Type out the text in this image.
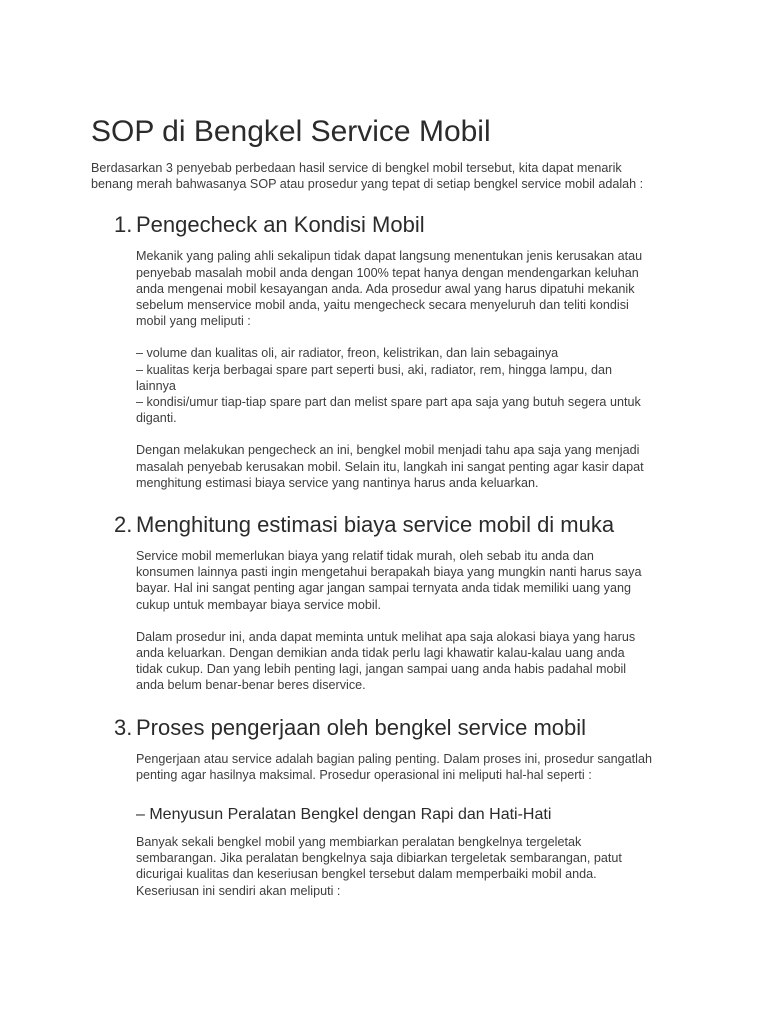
SOP di Bengkel Service Mobil

Berdasarkan 3 penyebab perbedaan hasil service di bengkel mobil tersebut, kita dapat menarik
benang merah bahwasanya SOP atau prosedur yang tepat di setiap bengkel service mobil adalah :

1. Pengecheck an Kondisi Mobil

Mekanik yang paling ahli sekalipun tidak dapat langsung menentukan jenis kerusakan atau
penyebab masalah mobil anda dengan 100% tepat hanya dengan mendengarkan keluhan
anda mengenai mobil kesayangan anda. Ada prosedur awal yang harus dipatuhi mekanik
sebelum menservice mobil anda, yaitu mengecheck secara menyeluruh dan teliti kondisi
mobil yang meliputi :

– volume dan kualitas oli, air radiator, freon, kelistrikan, dan lain sebagainya
– kualitas kerja berbagai spare part seperti busi, aki, radiator, rem, hingga lampu, dan
lainnya
– kondisi/umur tiap-tiap spare part dan melist spare part apa saja yang butuh segera untuk
diganti.

Dengan melakukan pengecheck an ini, bengkel mobil menjadi tahu apa saja yang menjadi
masalah penyebab kerusakan mobil. Selain itu, langkah ini sangat penting agar kasir dapat
menghitung estimasi biaya service yang nantinya harus anda keluarkan.

2. Menghitung estimasi biaya service mobil di muka

Service mobil memerlukan biaya yang relatif tidak murah, oleh sebab itu anda dan
konsumen lainnya pasti ingin mengetahui berapakah biaya yang mungkin nanti harus saya
bayar. Hal ini sangat penting agar jangan sampai ternyata anda tidak memiliki uang yang
cukup untuk membayar biaya service mobil.

Dalam prosedur ini, anda dapat meminta untuk melihat apa saja alokasi biaya yang harus
anda keluarkan. Dengan demikian anda tidak perlu lagi khawatir kalau-kalau uang anda
tidak cukup. Dan yang lebih penting lagi, jangan sampai uang anda habis padahal mobil
anda belum benar-benar beres diservice.

3. Proses pengerjaan oleh bengkel service mobil

Pengerjaan atau service adalah bagian paling penting. Dalam proses ini, prosedur sangatlah
penting agar hasilnya maksimal. Prosedur operasional ini meliputi hal-hal seperti :

– Menyusun Peralatan Bengkel dengan Rapi dan Hati-Hati

Banyak sekali bengkel mobil yang membiarkan peralatan bengkelnya tergeletak
sembarangan. Jika peralatan bengkelnya saja dibiarkan tergeletak sembarangan, patut
dicurigai kualitas dan keseriusan bengkel tersebut dalam memperbaiki mobil anda.
Keseriusan ini sendiri akan meliputi :
